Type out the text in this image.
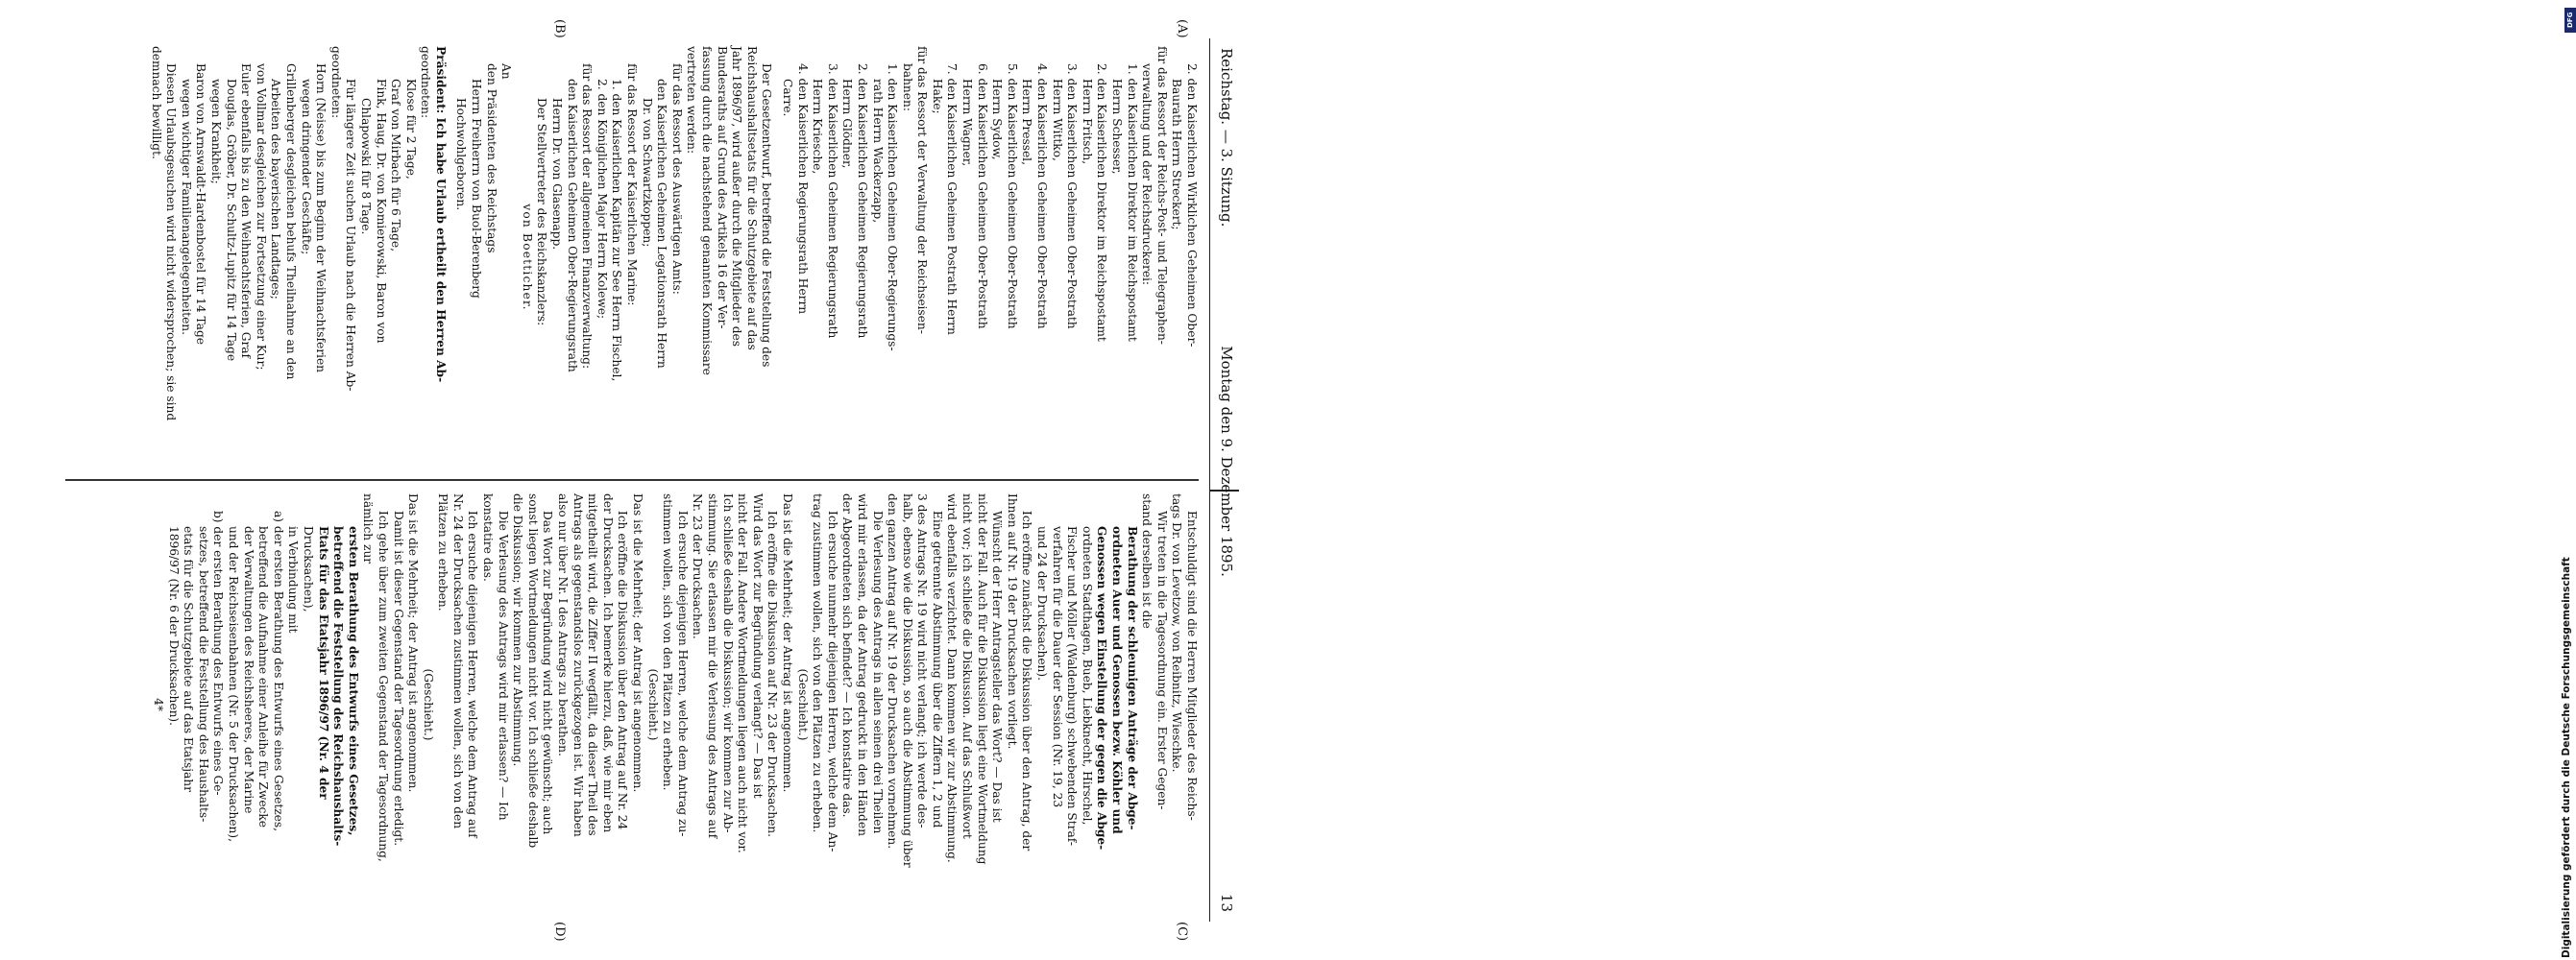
DFG
Digitalisierung gefördert durch die Deutsche Forschungsgemeinschaft
Reichstag. — 3. Sitzung.
Montag den 9. Dezember 1895.13
(A)
(B)
(C)
(D)

2. den Kaiserlichen Wirklichen Geheimen Ober-

Baurath Herrn Streckert;

für das Ressort der Reichs-Post- und Telegraphen-

verwaltung und der Reichsdruckerei:

1. den Kaiserlichen Direktor im Reichspostamt

Herrn Schesser,

2. den Kaiserlichen Direktor im Reichspostamt

Herrn Fritsch,

3. den Kaiserlichen Geheimen Ober-Postrath

Herrn Wittko,

4. den Kaiserlichen Geheimen Ober-Postrath

Herrn Pressel,

5. den Kaiserlichen Geheimen Ober-Postrath

Herrn Sydow,

6. den Kaiserlichen Geheimen Ober-Postrath

Herrn Wagner,

7. den Kaiserlichen Geheimen Postrath Herrn

Hake;

für das Ressort der Verwaltung der Reichseisen-

bahnen:

1. den Kaiserlichen Geheimen Ober-Regierungs-

rath Herrn Wackerzapp,

2. den Kaiserlichen Geheimen Regierungsrath

Herrn Glödner,

3. den Kaiserlichen Geheimen Regierungsrath

Herrn Kriesche,

4. den Kaiserlichen Regierungsrath Herrn

Carre.

Der Gesetzentwurf, betreffend die Feststellung des

Reichshaushaltsetats für die Schutzgebiete auf das

Jahr 1896/97, wird außer durch die Mitglieder des

Bundesraths auf Grund des Artikels 16 der Ver-

fassung durch die nachstehend genannten Kommissare

vertreten werden:

für das Ressort des Auswärtigen Amts:

den Kaiserlichen Geheimen Legationsrath Herrn

Dr. von Schwartzkoppen;

für das Ressort der Kaiserlichen Marine:

1. den Kaiserlichen Kapitän zur See Herrn Fischel,

2. den Königlichen Major Herrn Kolewe;

für das Ressort der allgemeinen Finanzverwaltung:

den Kaiserlichen Geheimen Ober-Regierungsrath

Herrn Dr. von Glasenapp.

Der Stellvertreter des Reichskanzlers:

von Boetticher.

An

den Präsidenten des Reichstags

Herrn Freiherrn von Buol-Berenberg

Hochwohlgeboren.

Präsident: Ich habe Urlaub ertheilt den Herren Ab-

geordneten:

Klose für 2 Tage,

Graf von Mirbach für 6 Tage,

Fink, Haug, Dr. von Komierowski, Baron von

Chlapowski für 8 Tage.

Für längere Zeit suchen Urlaub nach die Herren Ab-

geordneten:

Horn (Neisse) bis zum Beginn der Weihnachtsferien

wegen dringender Geschäfte;

Grillenberger desgleichen behufs Theilnahme an den

Arbeiten des bayerischen Landtages;

von Vollmar desgleichen zur Fortsetzung einer Kur;

Euler ebenfalls bis zu den Weihnachtsferien, Graf

Douglas, Gröber, Dr. Schultz-Lupitz für 14 Tage

wegen Krankheit;

Baron von Arnswaldt-Hardenbostel für 14 Tage

wegen wichtiger Familienangelegenheiten.

Diesen Urlaubsgesuchen wird nicht widersprochen; sie sind

demnach bewilligt.

Entschuldigt sind die Herren Mitglieder des Reichs-

tags Dr. von Levetzow, von Reibnitz, Wieschke.

Wir treten in die Tagesordnung ein. Erster Gegen-

stand derselben ist die

Berathung der schleunigen Anträge der Abge-

ordneten Auer und Genossen bezw. Köhler und

Genossen wegen Einstellung der gegen die Abge-

ordneten Stadthagen, Bueb, Liebknecht, Hirschel,

Fischer und Möller (Waldenburg) schwebenden Straf-

verfahren für die Dauer der Session (Nr. 19, 23

und 24 der Drucksachen).

Ich eröffne zunächst die Diskussion über den Antrag, der

Ihnen auf Nr. 19 der Drucksachen vorliegt.

Wünscht der Herr Antragsteller das Wort? — Das ist

nicht der Fall. Auch für die Diskussion liegt eine Wortmeldung

nicht vor; ich schließe die Diskussion. Auf das Schlußwort

wird ebenfalls verzichtet. Dann kommen wir zur Abstimmung.

Eine getrennte Abstimmung über die Ziffern 1, 2 und

3 des Antrags Nr. 19 wird nicht verlangt; ich werde des-

halb, ebenso wie die Diskussion, so auch die Abstimmung über

den ganzen Antrag auf Nr. 19 der Drucksachen vornehmen.

Die Verlesung des Antrags in allen seinen drei Theilen

wird mir erlassen, da der Antrag gedruckt in den Händen

der Abgeordneten sich befindet? — Ich konstatire das.

Ich ersuche nunmehr diejenigen Herren, welche dem An-

trag zustimmen wollen, sich von den Plätzen zu erheben.

(Geschieht.)

Das ist die Mehrheit; der Antrag ist angenommen.

Ich eröffne die Diskussion auf Nr. 23 der Drucksachen.

Wird das Wort zur Begründung verlangt? — Das ist

nicht der Fall. Andere Wortmeldungen liegen auch nicht vor.

Ich schließe deshalb die Diskussion; wir kommen zur Ab-

stimmung. Sie erlassen mir die Verlesung des Antrags auf

Nr. 23 der Drucksachen.

Ich ersuche diejenigen Herren, welche dem Antrag zu-

stimmen wollen, sich von den Plätzen zu erheben.

(Geschieht.)

Das ist die Mehrheit; der Antrag ist angenommen.

Ich eröffne die Diskussion über den Antrag auf Nr. 24

der Drucksachen. Ich bemerke hierzu, daß, wie mir eben

mitgetheilt wird, die Ziffer II wegfällt, da dieser Theil des

Antrags als gegenstandslos zurückgezogen ist. Wir haben

also nur über Nr. I des Antrags zu berathen.

Das Wort zur Begründung wird nicht gewünscht; auch

sonst liegen Wortmeldungen nicht vor. Ich schließe deshalb

die Diskussion; wir kommen zur Abstimmung.

Die Verlesung des Antrags wird mir erlassen? — Ich

konstatire das.

Ich ersuche diejenigen Herren, welche dem Antrag auf

Nr. 24 der Drucksachen zustimmen wollen, sich von den

Plätzen zu erheben.

(Geschieht.)

Das ist die Mehrheit; der Antrag ist angenommen.

Damit ist dieser Gegenstand der Tagesordnung erledigt.

Ich gehe über zum zweiten Gegenstand der Tagesordnung,

nämlich zur

ersten Berathung des Entwurfs eines Gesetzes,

betreffend die Feststellung des Reichshaushalts-

Etats für das Etatsjahr 1896/97 (Nr. 4 der

Drucksachen),

in Verbindung mit

a) der ersten Berathung des Entwurfs eines Gesetzes,

betreffend die Aufnahme einer Anleihe für Zwecke

der Verwaltungen des Reichsheeres, der Marine

und der Reichseisenbahnen (Nr. 5 der Drucksachen),

b) der ersten Berathung des Entwurfs eines Ge-

setzes, betreffend die Feststellung des Haushalts-

etats für die Schutzgebiete auf das Etatsjahr

1896/97 (Nr. 6 der Drucksachen).

4*
